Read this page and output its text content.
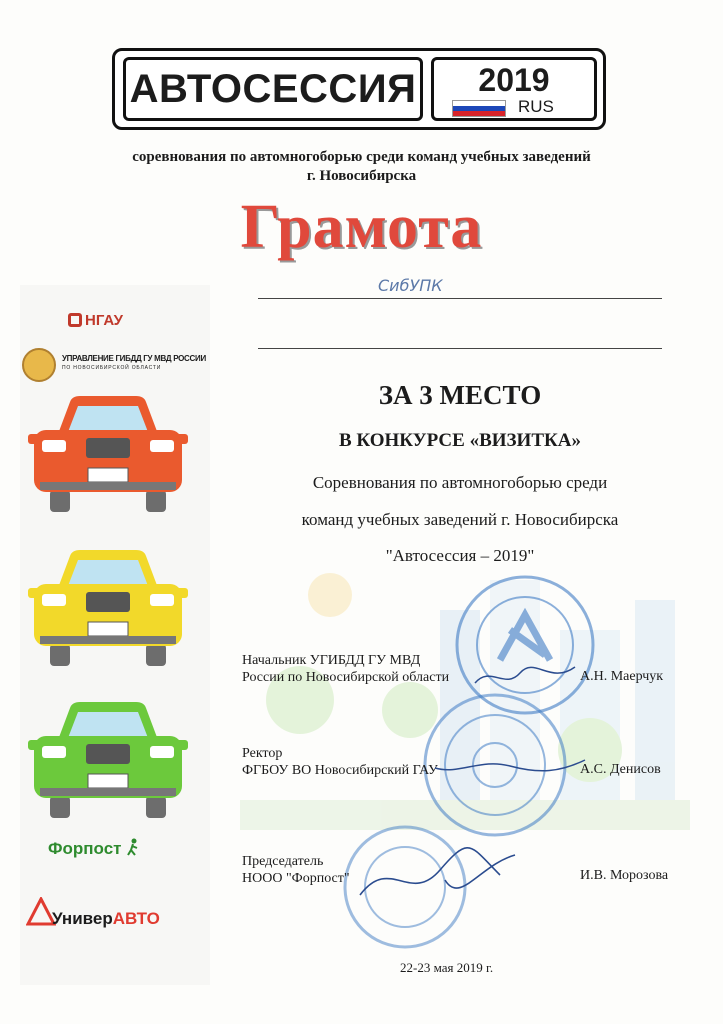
АВТОСЕССИЯ	2019
RUS
соревнования по автомногоборью среди команд учебных заведений
г. Новосибирска
Грамота
СибУПК
ЗА 3 МЕСТО
В КОНКУРСЕ «ВИЗИТКА»
Соревнования по автомногоборью среди
команд учебных заведений г. Новосибирска
"Автосессия – 2019"
Начальник УГИБДД ГУ МВД
России по Новосибирской области	А.Н. Маерчук
Ректор
ФГБОУ ВО Новосибирский ГАУ	А.С. Денисов
Председатель
НООО "Форпост"	И.В. Морозова
22-23 мая 2019 г.
НГАУ
УПРАВЛЕНИЕ ГИБДД ГУ МВД РОССИИ
ПО НОВОСИБИРСКОЙ ОБЛАСТИ
Форпост
УниверАВТО
